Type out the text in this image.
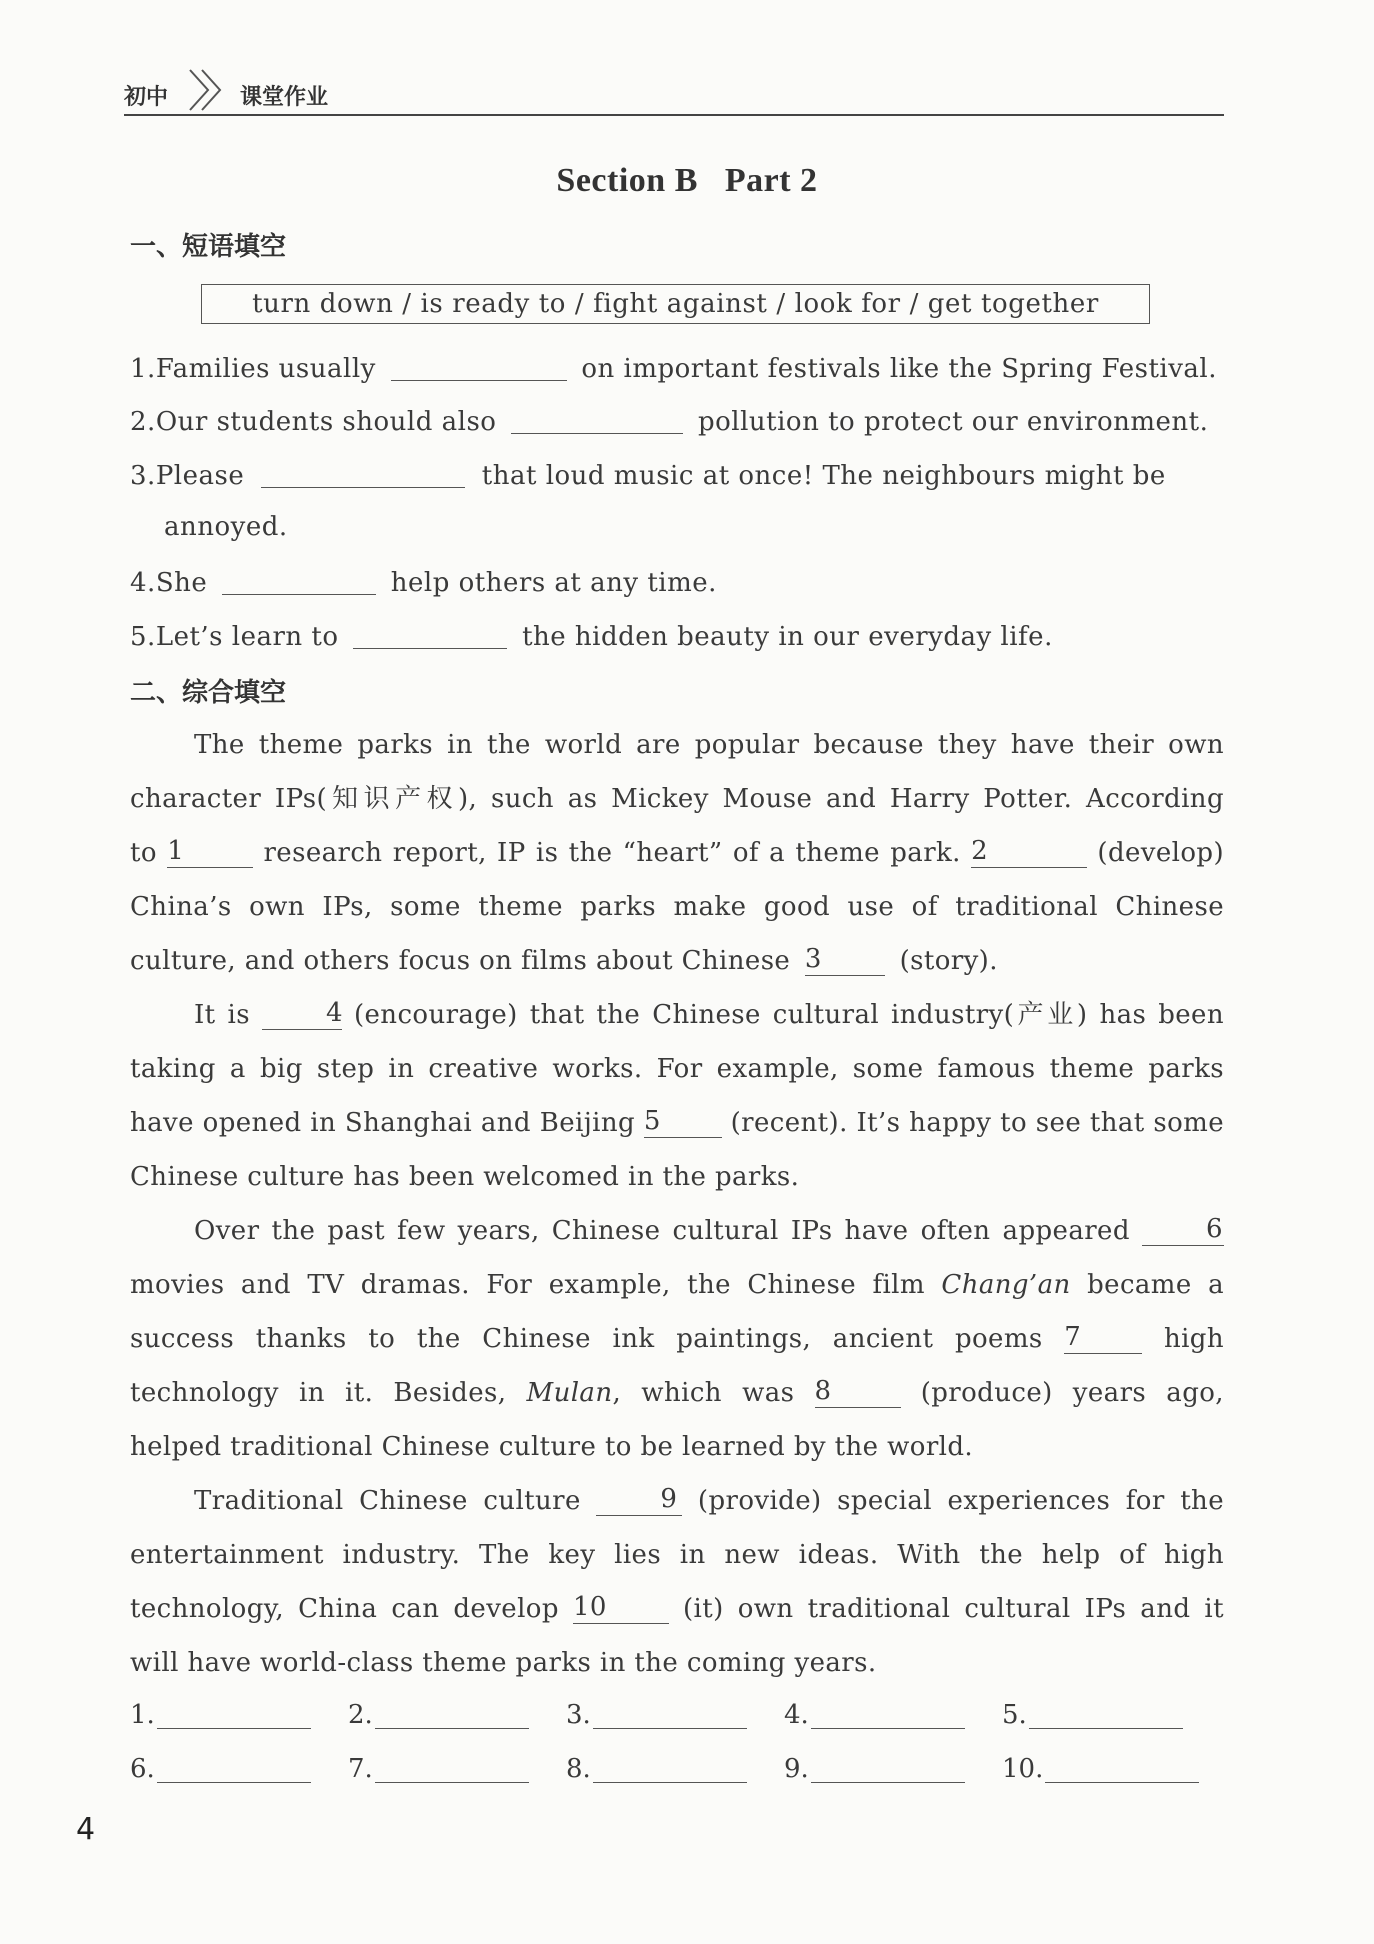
初中	课堂作业
Section B   Part 2
一、短语填空
turn down / is ready to / fight against / look for / get together
1.Families usually	on important festivals like the Spring Festival.
2.Our students should also	pollution to protect our environment.
3.Please	that loud music at once! The neighbours might be
annoyed.
4.She	help others at any time.
5.Let’s learn to	the hidden beauty in our everyday life.
二、综合填空
The theme parks in the world are popular because they have their own
character IPs(知识产权), such as Mickey Mouse and Harry Potter. According
to 1	research report, IP is the “heart” of a theme park. 2	(develop)
China’s own IPs, some theme parks make good use of traditional Chinese
culture, and others focus on films about Chinese 3	(story).
It is	4 (encourage) that the Chinese cultural industry(产业) has been
taking a big step in creative works. For example, some famous theme parks
have opened in Shanghai and Beijing 5	(recent). It’s happy to see that some
Chinese culture has been welcomed in the parks.
Over the past few years, Chinese cultural IPs have often appeared	6
movies and TV dramas. For example, the Chinese film Chang’an became a
success thanks to the Chinese ink paintings, ancient poems 7	high
technology in it. Besides, Mulan, which was 8	(produce) years ago,
helped traditional Chinese culture to be learned by the world.
Traditional Chinese culture	9 (provide) special experiences for the
entertainment industry. The key lies in new ideas. With the help of high
technology, China can develop 10	(it) own traditional cultural IPs and it
will have world-class theme parks in the coming years.
1.	2.	3.	4.	5.
6.	7.	8.	9.	10.
4
